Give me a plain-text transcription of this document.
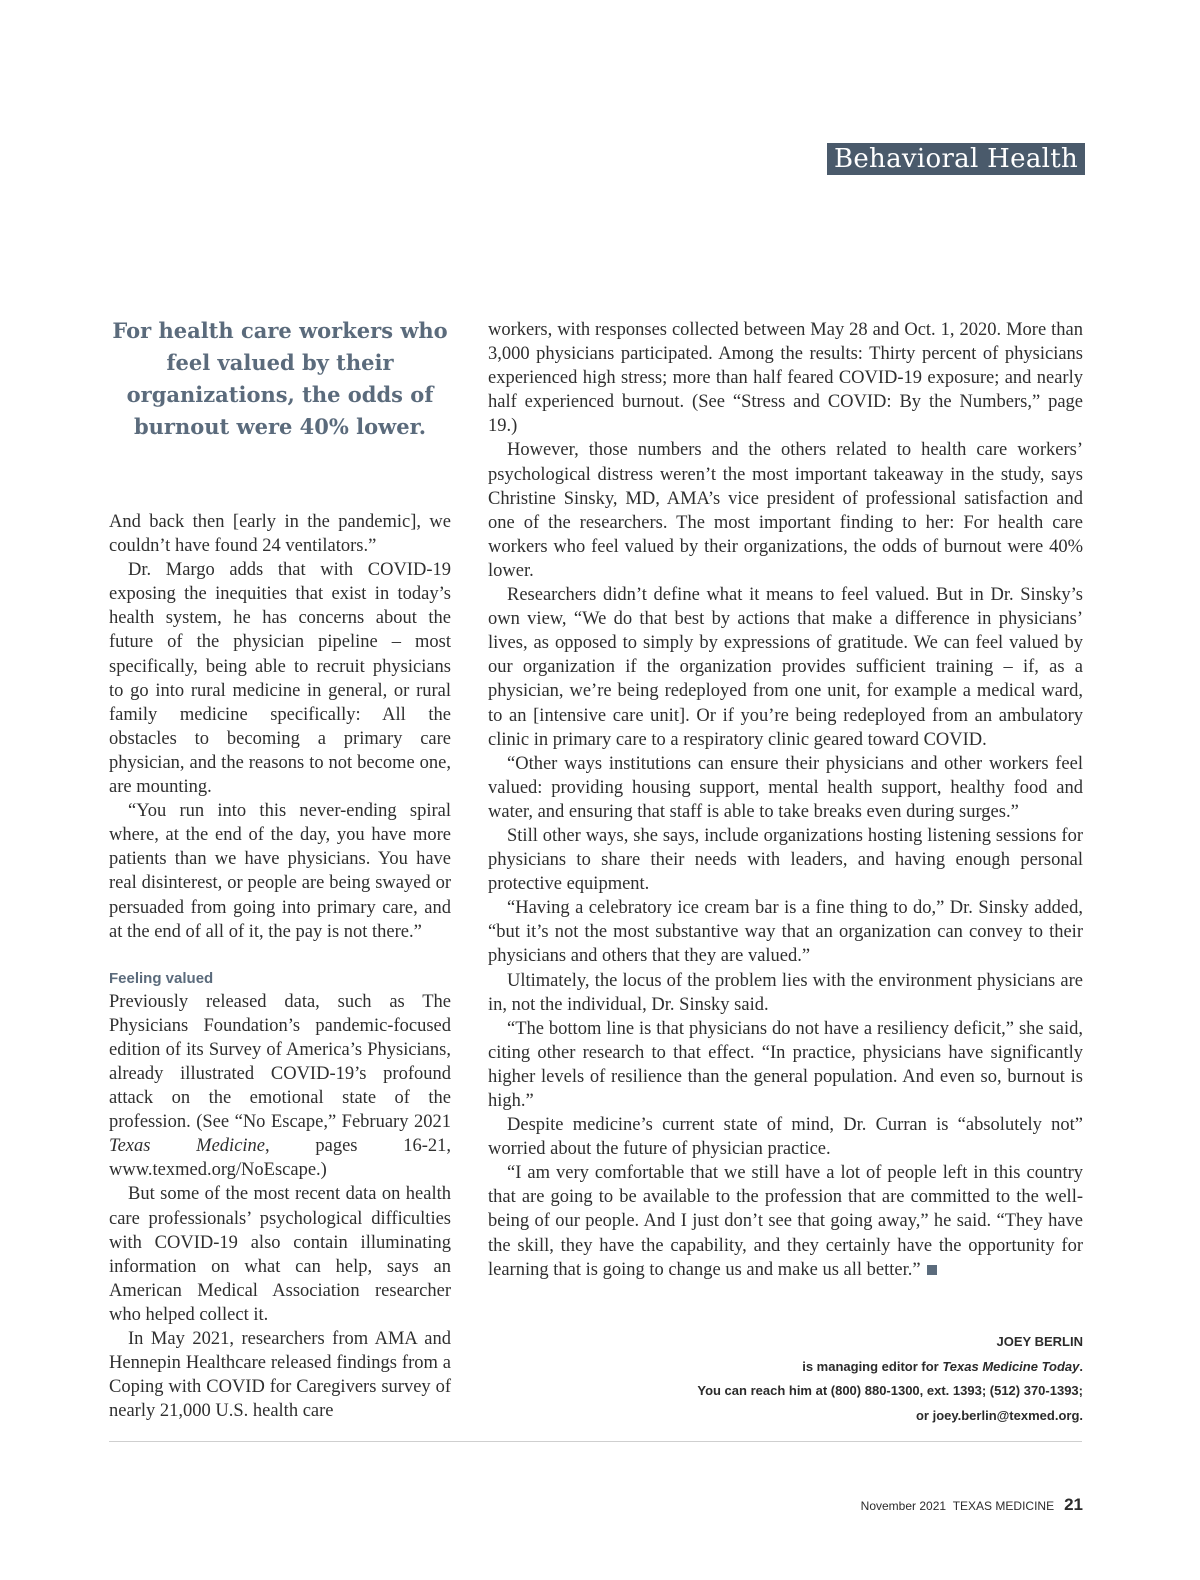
Behavioral Health

For health care workers who feel valued by their organizations, the odds of burnout were 40% lower.

And back then [early in the pandemic], we couldn’t have found 24 ventilators.”

Dr. Margo adds that with COVID-19 exposing the inequities that exist in today’s health system, he has concerns about the future of the physician pipeline – most specifically, being able to recruit physicians to go into rural medicine in general, or rural family medicine specifically: All the obstacles to becoming a primary care physician, and the reasons to not become one, are mounting.

“You run into this never-ending spiral where, at the end of the day, you have more patients than we have physicians. You have real disinterest, or people are being swayed or persuaded from going into primary care, and at the end of all of it, the pay is not there.”

Feeling valued

Previously released data, such as The Physicians Foundation’s pandemic-focused edition of its Survey of America’s Physicians, already illustrated COVID-19’s profound attack on the emotional state of the profession. (See “No Escape,” February 2021 Texas Medicine, pages 16-21, www.texmed.org/NoEscape.)

But some of the most recent data on health care professionals’ psychological difficulties with COVID-19 also contain illuminating information on what can help, says an American Medical Association researcher who helped collect it.

In May 2021, researchers from AMA and Hennepin Healthcare released findings from a Coping with COVID for Caregivers survey of nearly 21,000 U.S. health care

workers, with responses collected between May 28 and Oct. 1, 2020. More than 3,000 physicians participated. Among the results: Thirty percent of physicians experienced high stress; more than half feared COVID-19 exposure; and nearly half experienced burnout. (See “Stress and COVID: By the Numbers,” page 19.)

However, those numbers and the others related to health care workers’ psychological distress weren’t the most important takeaway in the study, says Christine Sinsky, MD, AMA’s vice president of professional satisfaction and one of the researchers. The most important finding to her: For health care workers who feel valued by their organizations, the odds of burnout were 40% lower.

Researchers didn’t define what it means to feel valued. But in Dr. Sinsky’s own view, “We do that best by actions that make a difference in physicians’ lives, as opposed to simply by expressions of gratitude. We can feel valued by our organization if the organization provides sufficient training – if, as a physician, we’re being redeployed from one unit, for example a medical ward, to an [intensive care unit]. Or if you’re being redeployed from an ambulatory clinic in primary care to a respiratory clinic geared toward COVID.

“Other ways institutions can ensure their physicians and other workers feel valued: providing housing support, mental health support, healthy food and water, and ensuring that staff is able to take breaks even during surges.”

Still other ways, she says, include organizations hosting listening sessions for physicians to share their needs with leaders, and having enough personal protective equipment.

“Having a celebratory ice cream bar is a fine thing to do,” Dr. Sinsky added, “but it’s not the most substantive way that an organization can convey to their physicians and others that they are valued.”

Ultimately, the locus of the problem lies with the environment physicians are in, not the individual, Dr. Sinsky said.

“The bottom line is that physicians do not have a resiliency deficit,” she said, citing other research to that effect. “In practice, physicians have significantly higher levels of resilience than the general population. And even so, burnout is high.”

Despite medicine’s current state of mind, Dr. Curran is “absolutely not” worried about the future of physician practice.

“I am very comfortable that we still have a lot of people left in this country that are going to be available to the profession that are committed to the well-being of our people. And I just don’t see that going away,” he said. “They have the skill, they have the capability, and they certainly have the opportunity for learning that is going to change us and make us all better.”

JOEY BERLIN
is managing editor for Texas Medicine Today.
You can reach him at (800) 880-1300, ext. 1393; (512) 370-1393;
or joey.berlin@texmed.org.
November 2021 TEXAS MEDICINE 21
